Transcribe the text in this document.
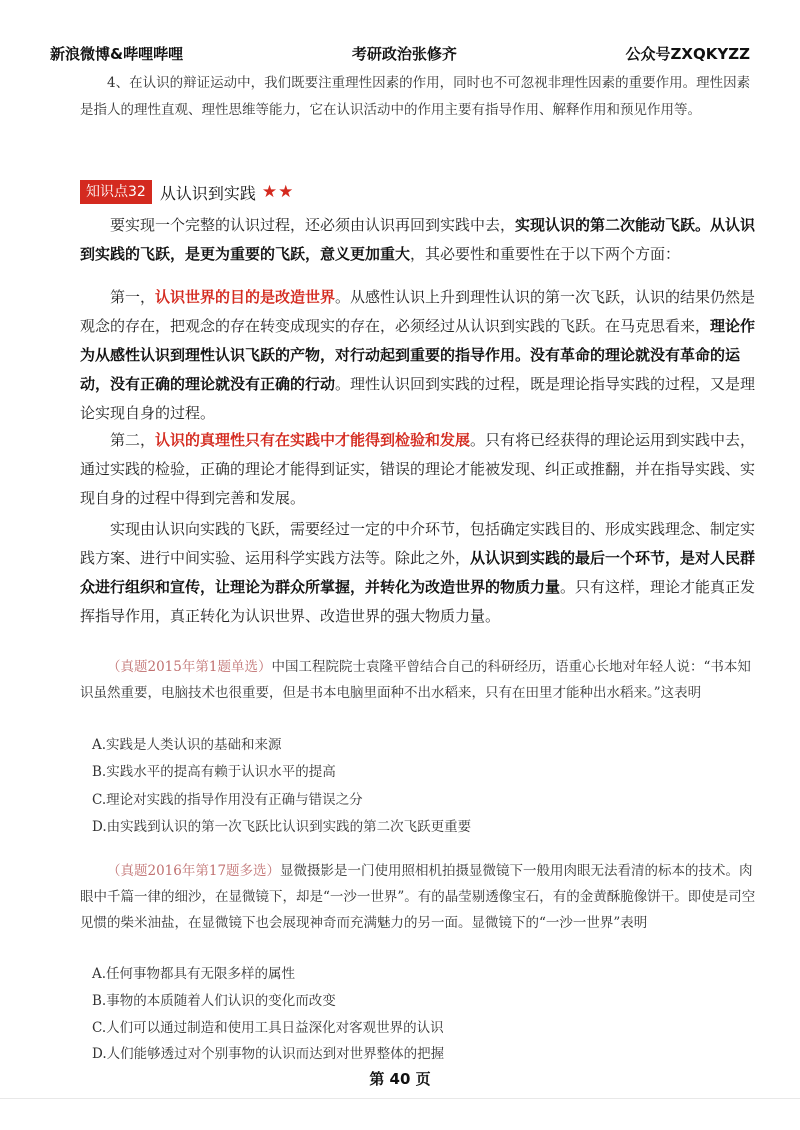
新浪微博&哔哩哔哩	考研政治张修齐	公众号ZXQKYZZ
4、在认识的辩证运动中，我们既要注重理性因素的作用，同时也不可忽视非理性因素的重要作用。理性因素是指人的理性直观、理性思维等能力，它在认识活动中的作用主要有指导作用、解释作用和预见作用等。
知识点32 从认识到实践 ★★
要实现一个完整的认识过程，还必须由认识再回到实践中去，实现认识的第二次能动飞跃。从认识到实践的飞跃，是更为重要的飞跃，意义更加重大，其必要性和重要性在于以下两个方面：
第一，认识世界的目的是改造世界。从感性认识上升到理性认识的第一次飞跃，认识的结果仍然是观念的存在，把观念的存在转变成现实的存在，必须经过从认识到实践的飞跃。在马克思看来，理论作为从感性认识到理性认识飞跃的产物，对行动起到重要的指导作用。没有革命的理论就没有革命的运动，没有正确的理论就没有正确的行动。理性认识回到实践的过程，既是理论指导实践的过程，又是理论实现自身的过程。
第二，认识的真理性只有在实践中才能得到检验和发展。只有将已经获得的理论运用到实践中去，通过实践的检验，正确的理论才能得到证实，错误的理论才能被发现、纠正或推翻，并在指导实践、实现自身的过程中得到完善和发展。
实现由认识向实践的飞跃，需要经过一定的中介环节，包括确定实践目的、形成实践理念、制定实践方案、进行中间实验、运用科学实践方法等。除此之外，从认识到实践的最后一个环节，是对人民群众进行组织和宣传，让理论为群众所掌握，并转化为改造世界的物质力量。只有这样，理论才能真正发挥指导作用，真正转化为认识世界、改造世界的强大物质力量。
（真题2015年第1题单选）中国工程院院士袁隆平曾结合自己的科研经历，语重心长地对年轻人说：“书本知识虽然重要，电脑技术也很重要，但是书本电脑里面种不出水稻来，只有在田里才能种出水稻来。”这表明
A.实践是人类认识的基础和来源
B.实践水平的提高有赖于认识水平的提高
C.理论对实践的指导作用没有正确与错误之分
D.由实践到认识的第一次飞跃比认识到实践的第二次飞跃更重要
（真题2016年第17题多选）显微摄影是一门使用照相机拍摄显微镜下一般用肉眼无法看清的标本的技术。肉眼中千篇一律的细沙，在显微镜下，却是“一沙一世界”。有的晶莹剔透像宝石，有的金黄酥脆像饼干。即使是司空见惯的柴米油盐，在显微镜下也会展现神奇而充满魅力的另一面。显微镜下的“一沙一世界”表明
A.任何事物都具有无限多样的属性
B.事物的本质随着人们认识的变化而改变
C.人们可以通过制造和使用工具日益深化对客观世界的认识
D.人们能够透过对个别事物的认识而达到对世界整体的把握
第 40 页
